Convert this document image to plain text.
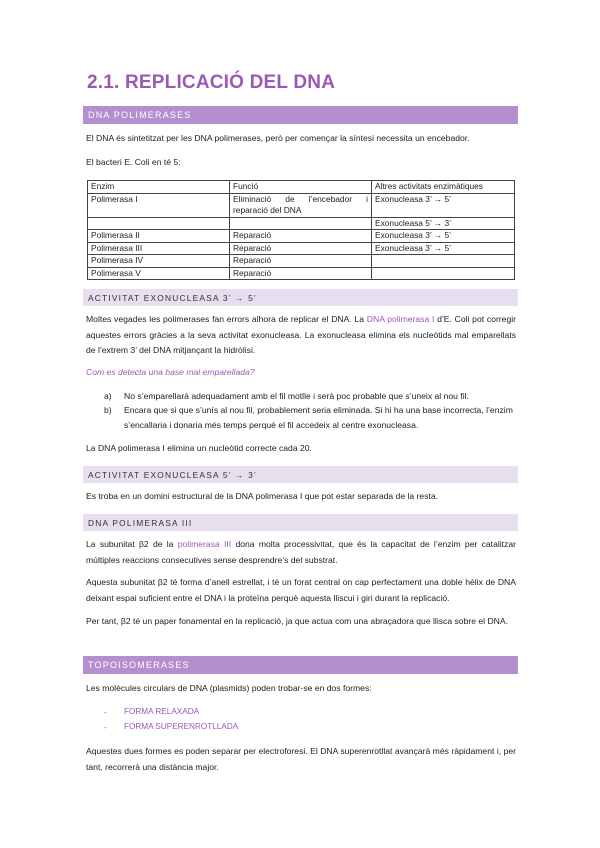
2.1. REPLICACIÓ DEL DNA
DNA POLIMERASES
El DNA és sintetitzat per les DNA polimerases, però per començar la síntesi necessita un encebador.
El bacteri E. Coli en té 5:
Enzim	Funció	Altres activitats enzimàtiques
Polimerasa I	Eliminació de l’encebador i reparació del DNA	Exonucleasa 3’ → 5’
		Exonucleasa 5’ → 3’
Polimerasa II	Reparació	Exonucleasa 3’ → 5’
Polimerasa III	Reparació	Exonucleasa 3’ → 5’
Polimerasa IV	Reparació	
Polimerasa V	Reparació	
ACTIVITAT EXONUCLEASA 3’ → 5’
Moltes vegades les polimerases fan errors alhora de replicar el DNA. La DNA polimerasa I d’E. Coli pot corregir aquestes errors gràcies a la seva activitat exonucleasa. La exonucleasa elimina els nucleòtids mal emparellats de l’extrem 3’ del DNA mitjançant la hidròlisi.
Com es detecta una base mal emparellada?
a)	No s’emparellarà adequadament amb el fil motlle i serà poc probable que s’uneix al nou fil.
b)	Encara que si que s’unís al nou fil, probablement seria eliminada. Si hi ha una base incorrecta, l’enzim s’encallaria i donaria més temps perquè el fil accedeix al centre exonucleasa.
La DNA polimerasa I elimina un nucleòtid correcte cada 20.
ACTIVITAT EXONUCLEASA 5’ → 3’
Es troba en un domini estructural de la DNA polimerasa I que pot estar separada de la resta.
DNA POLIMERASA III
La subunitat β2 de la polimerasa III dona molta processivitat, que és la capacitat de l’enzim per catalitzar múltiples reaccions consecutives sense desprendre’s del substrat.
Aquesta subunitat β2 té forma d’anell estrellat, i té un forat central on cap perfectament una doble hèlix de DNA deixant espai suficient entre el DNA i la proteïna perquè aquesta lliscui i giri durant la replicació.
Per tant, β2 té un paper fonamental en la replicació, ja que actua com una abraçadora que llisca sobre el DNA.
TOPOISOMERASES
Les molècules circulars de DNA (plasmids) poden trobar-se en dos formes:
-	FORMA RELAXADA
-	FORMA SUPERENROTLLADA
Aquestes dues formes es poden separar per electroforesi. El DNA superenrotllat avançarà més ràpidament i, per tant, recorrerà una distància major.
